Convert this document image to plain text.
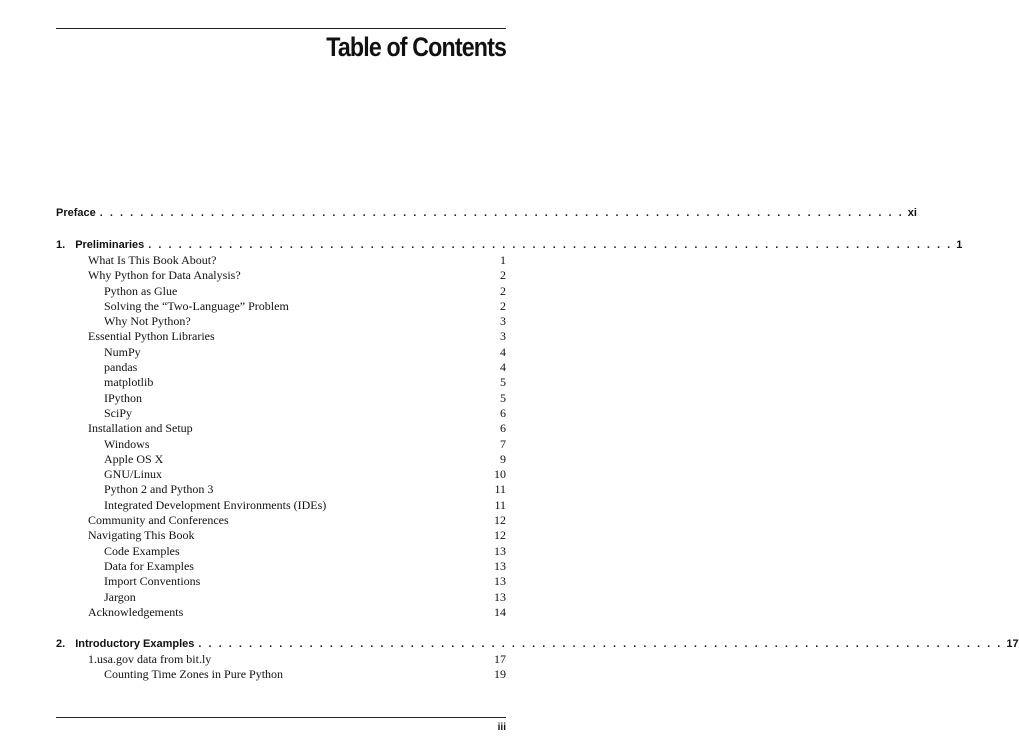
Table of Contents
Preface . . . . . . . . . . . . . . . . . . . . . . . . . . . . . . . . . . . . . . . . . . . . . . . . . . . . . . . . . . . . . . . . . . . . . . . . . . . . . . . . xi
1. Preliminaries . . . . . . . . . . . . . . . . . . . . . . . . . . . . . . . . . . . . . . . . . . . . . . . . . . . . . . . . . . . . . . . . . . . . . . . . . . . . . . . . 1
What Is This Book About?	1
Why Python for Data Analysis?	2
Python as Glue	2
Solving the “Two-Language” Problem	2
Why Not Python?	3
Essential Python Libraries	3
NumPy	4
pandas	4
matplotlib	5
IPython	5
SciPy	6
Installation and Setup	6
Windows	7
Apple OS X	9
GNU/Linux	10
Python 2 and Python 3	11
Integrated Development Environments (IDEs)	11
Community and Conferences	12
Navigating This Book	12
Code Examples	13
Data for Examples	13
Import Conventions	13
Jargon	13
Acknowledgements	14
2. Introductory Examples . . . . . . . . . . . . . . . . . . . . . . . . . . . . . . . . . . . . . . . . . . . . . . . . . . . . . . . . . . . . . . . . . . . . . . . . . . . . . . . . 17
1.usa.gov data from bit.ly	17
Counting Time Zones in Pure Python	19
iii
